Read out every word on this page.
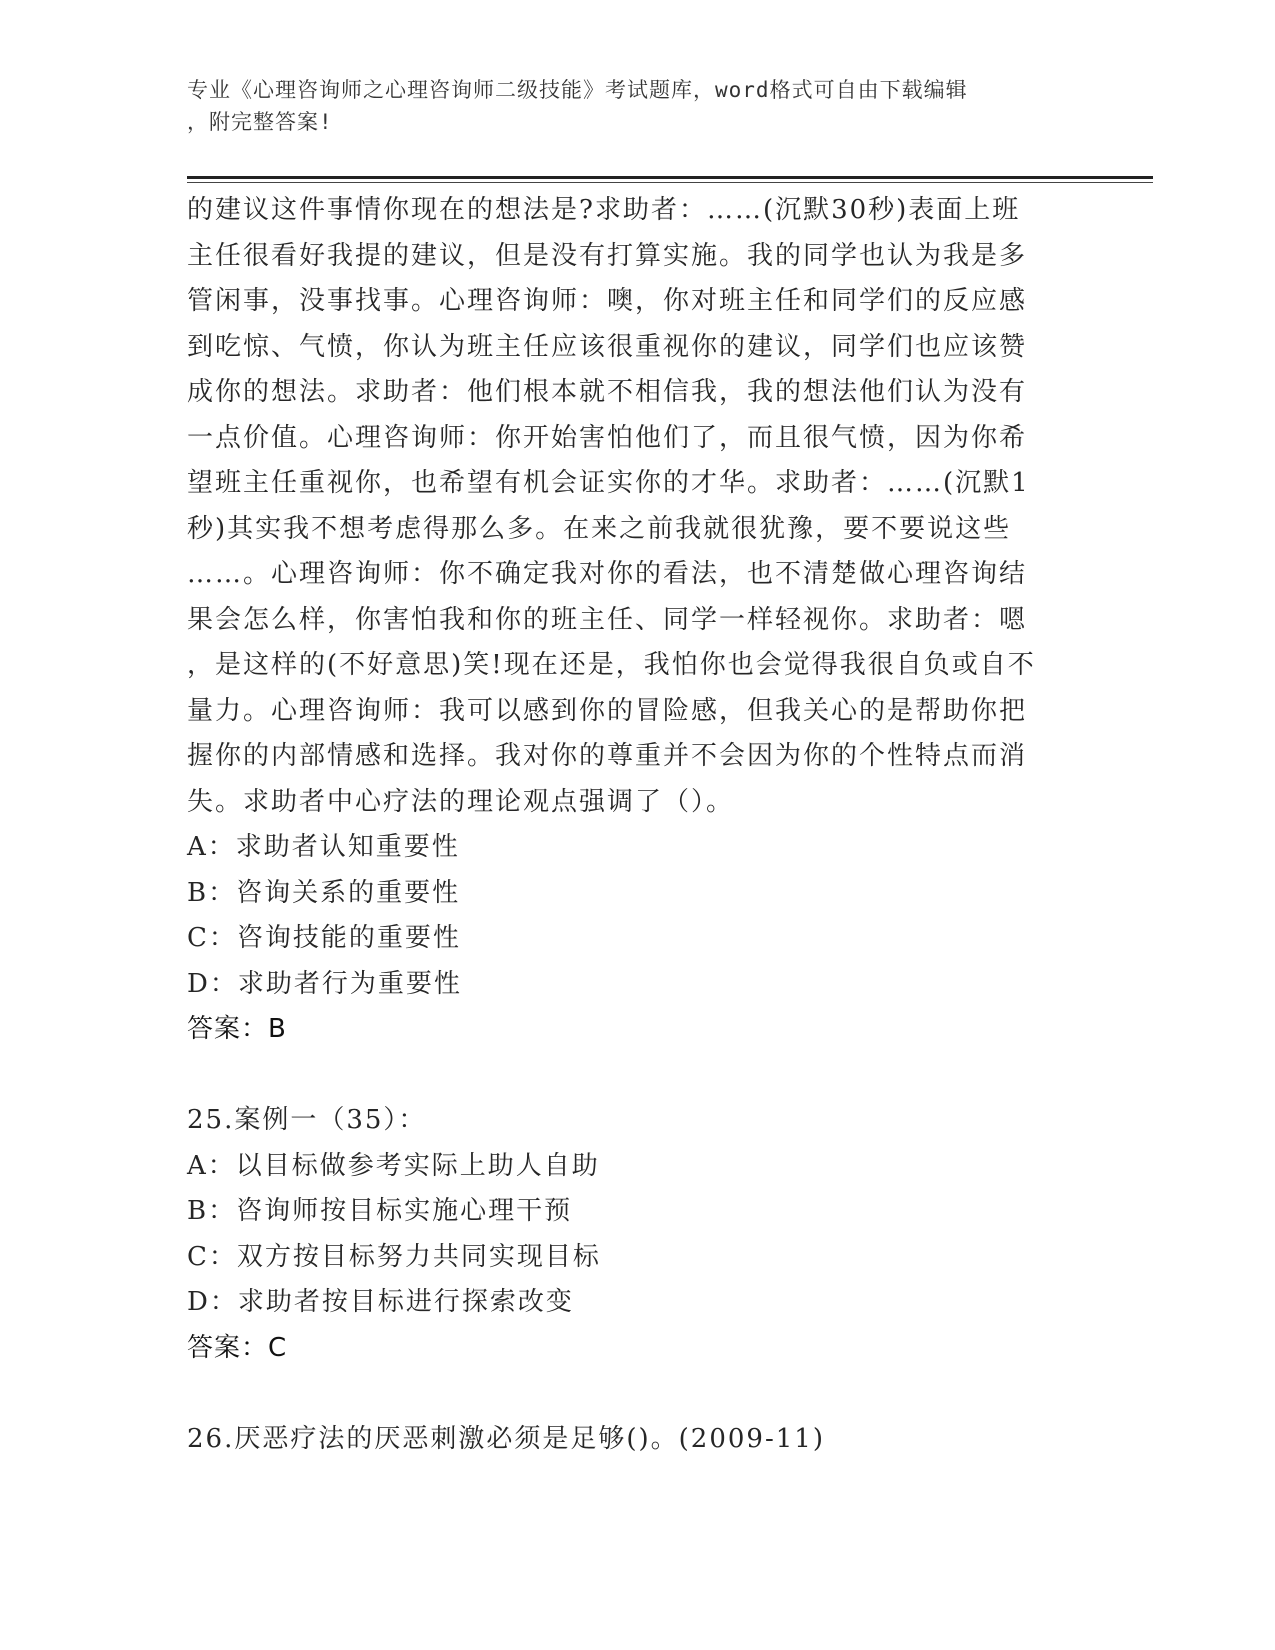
专业《心理咨询师之心理咨询师二级技能》考试题库，word格式可自由下载编辑
，附完整答案!
的建议这件事情你现在的想法是?求助者：……(沉默30秒)表面上班
主任很看好我提的建议，但是没有打算实施。我的同学也认为我是多
管闲事，没事找事。心理咨询师：噢，你对班主任和同学们的反应感
到吃惊、气愤，你认为班主任应该很重视你的建议，同学们也应该赞
成你的想法。求助者：他们根本就不相信我，我的想法他们认为没有
一点价值。心理咨询师：你开始害怕他们了，而且很气愤，因为你希
望班主任重视你，也希望有机会证实你的才华。求助者：……(沉默1
秒)其实我不想考虑得那么多。在来之前我就很犹豫，要不要说这些
……。心理咨询师：你不确定我对你的看法，也不清楚做心理咨询结
果会怎么样，你害怕我和你的班主任、同学一样轻视你。求助者：嗯
，是这样的(不好意思)笑!现在还是，我怕你也会觉得我很自负或自不
量力。心理咨询师：我可以感到你的冒险感，但我关心的是帮助你把
握你的内部情感和选择。我对你的尊重并不会因为你的个性特点而消
失。求助者中心疗法的理论观点强调了（）。
A：求助者认知重要性
B：咨询关系的重要性
C：咨询技能的重要性
D：求助者行为重要性
答案：B
25.案例一（35）：
A：以目标做参考实际上助人自助
B：咨询师按目标实施心理干预
C：双方按目标努力共同实现目标
D：求助者按目标进行探索改变
答案：C
26.厌恶疗法的厌恶刺激必须是足够()。(2009-11)
